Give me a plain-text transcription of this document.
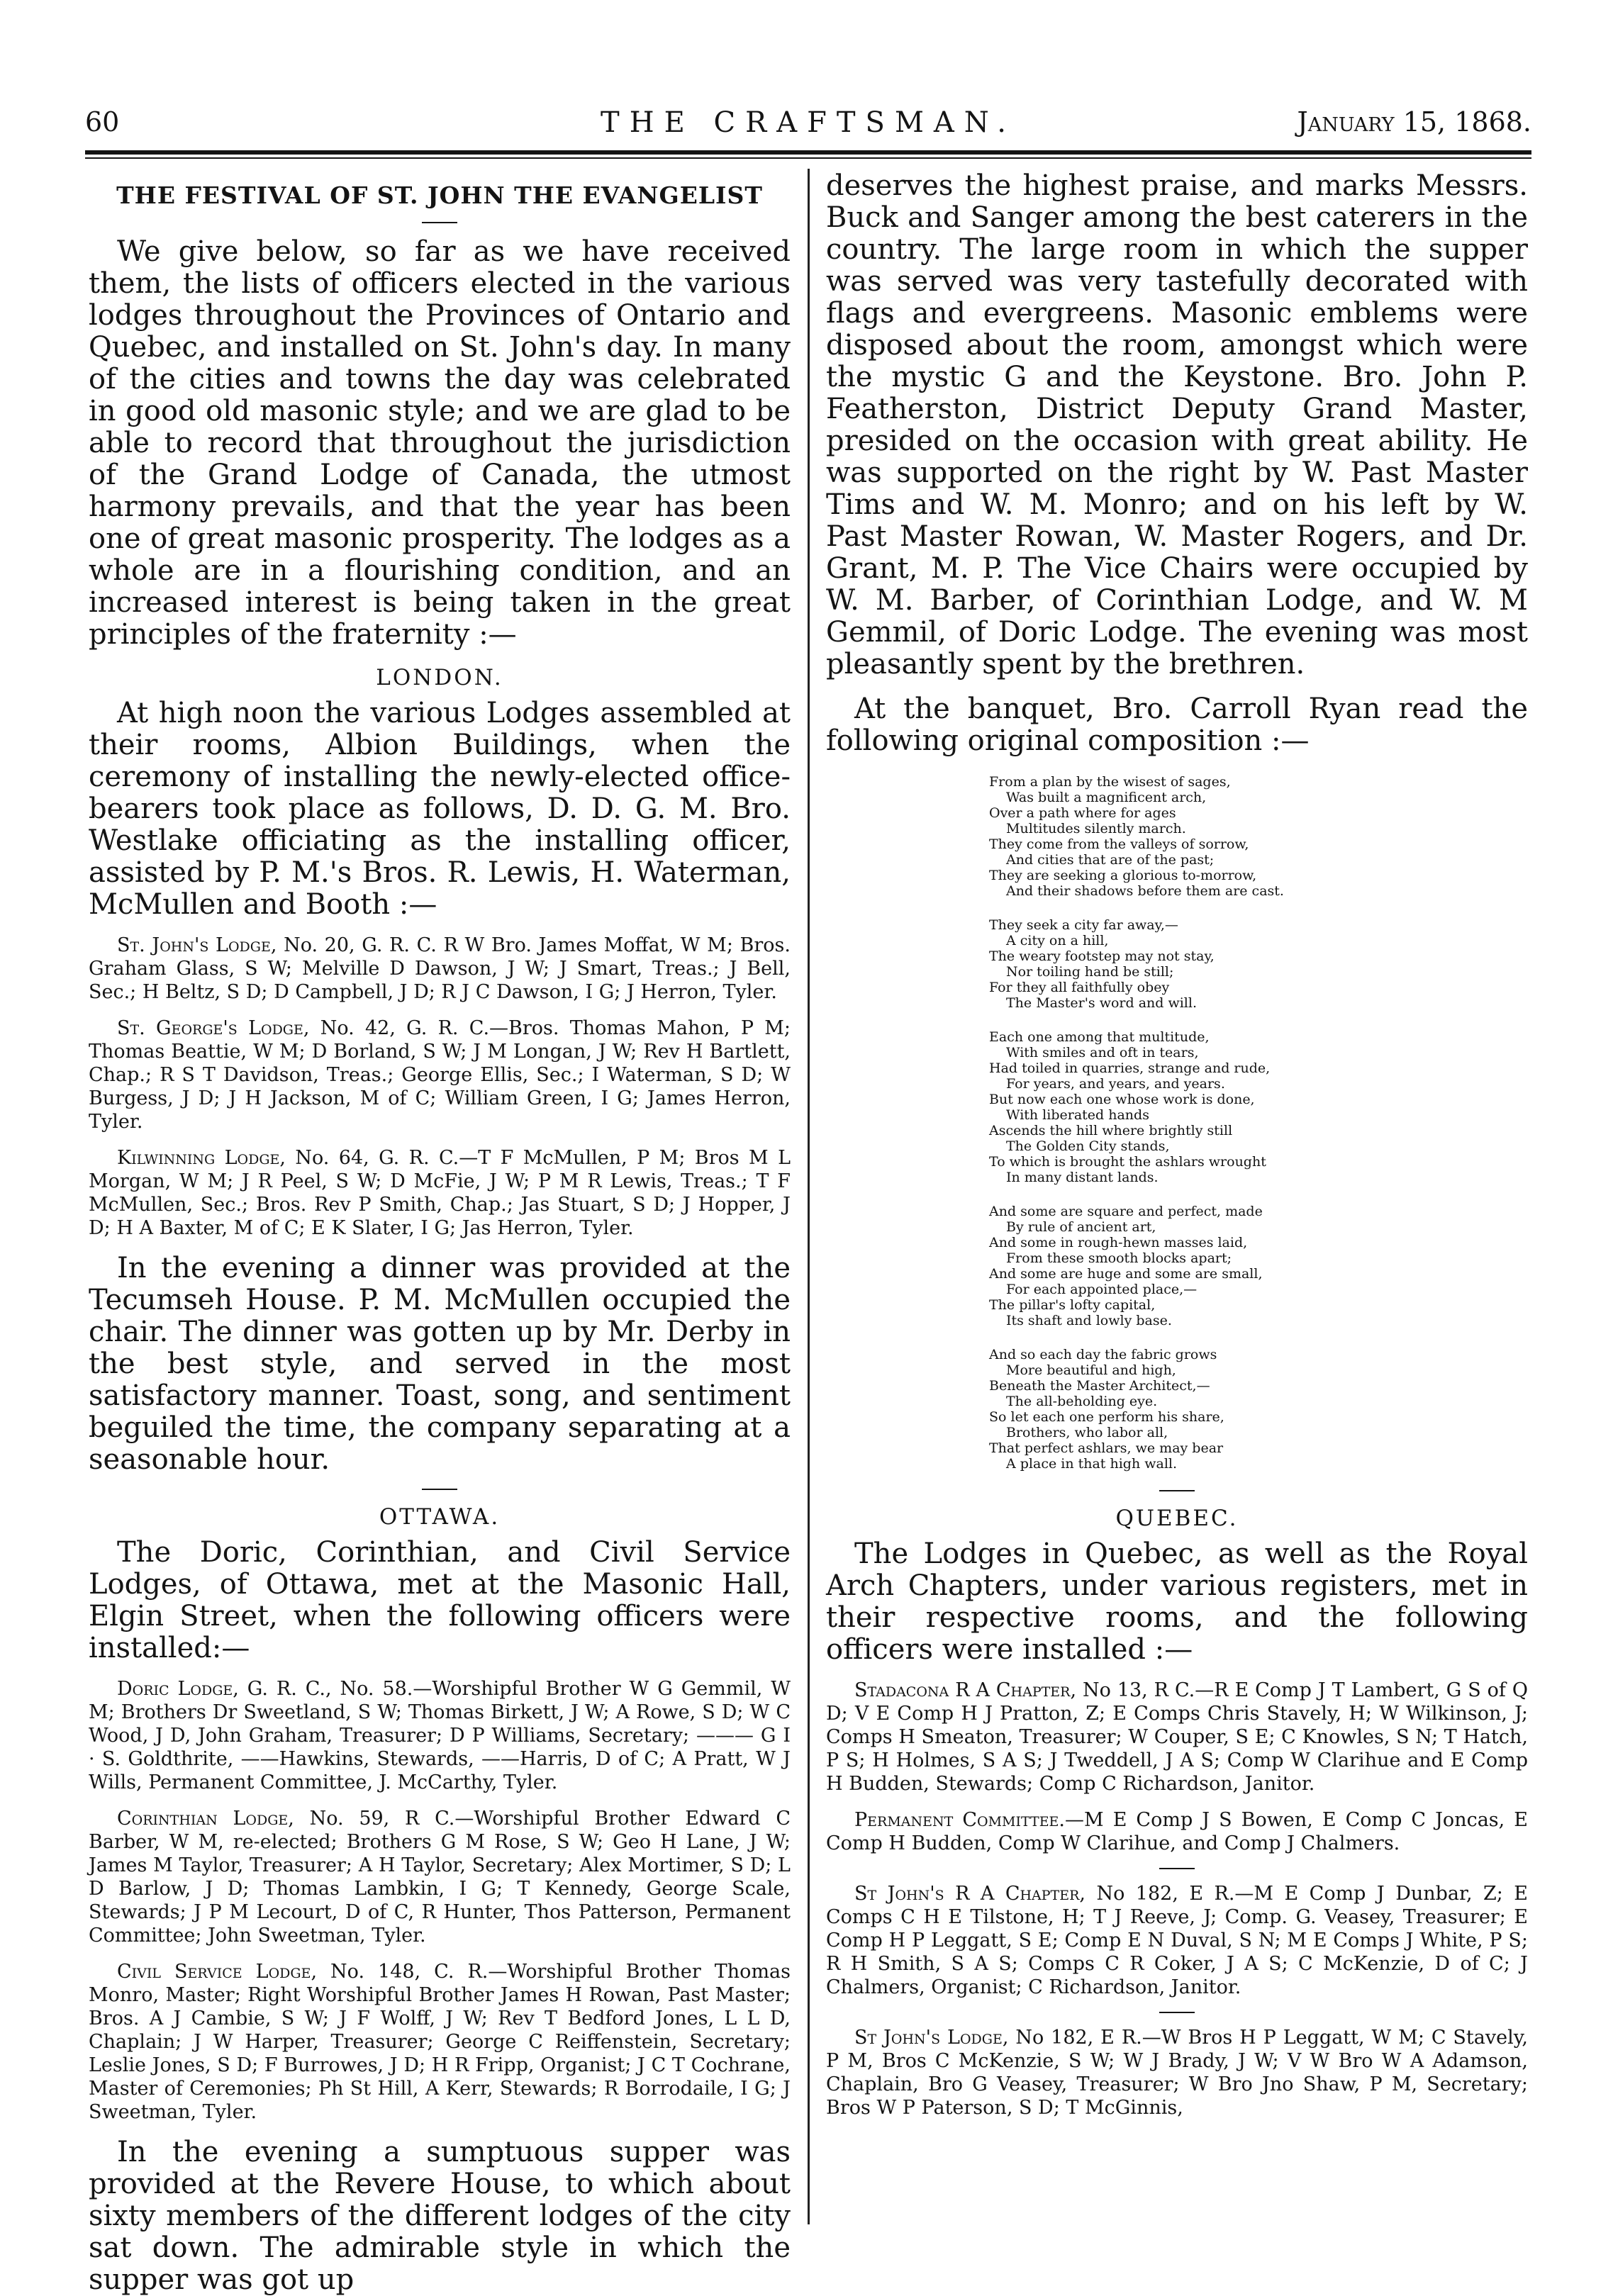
60	THE CRAFTSMAN.	January 15, 1868.
THE FESTIVAL OF ST. JOHN THE EVANGELIST

We give below, so far as we have received them, the lists of officers elected in the various lodges throughout the Provinces of Ontario and Quebec, and installed on St. John's day. In many of the cities and towns the day was celebrated in good old masonic style; and we are glad to be able to record that throughout the jurisdiction of the Grand Lodge of Canada, the utmost harmony prevails, and that the year has been one of great masonic prosperity. The lodges as a whole are in a flourishing condition, and an increased interest is being taken in the great principles of the fraternity :—

LONDON.

At high noon the various Lodges assembled at their rooms, Albion Buildings, when the ceremony of installing the newly-elected office-bearers took place as follows, D. D. G. M. Bro. Westlake officiating as the installing officer, assisted by P. M.'s Bros. R. Lewis, H. Waterman, McMullen and Booth :—

St. John's Lodge, No. 20, G. R. C. R W Bro. James Moffat, W M; Bros. Graham Glass, S W; Melville D Dawson, J W; J Smart, Treas.; J Bell, Sec.; H Beltz, S D; D Campbell, J D; R J C Dawson, I G; J Herron, Tyler.

St. George's Lodge, No. 42, G. R. C.—Bros. Thomas Mahon, P M; Thomas Beattie, W M; D Borland, S W; J M Longan, J W; Rev H Bartlett, Chap.; R S T Davidson, Treas.; George Ellis, Sec.; I Waterman, S D; W Burgess, J D; J H Jackson, M of C; William Green, I G; James Herron, Tyler.

Kilwinning Lodge, No. 64, G. R. C.—T F McMullen, P M; Bros M L Morgan, W M; J R Peel, S W; D McFie, J W; P M R Lewis, Treas.; T F McMullen, Sec.; Bros. Rev P Smith, Chap.; Jas Stuart, S D; J Hopper, J D; H A Baxter, M of C; E K Slater, I G; Jas Herron, Tyler.

In the evening a dinner was provided at the Tecumseh House. P. M. McMullen occupied the chair. The dinner was gotten up by Mr. Derby in the best style, and served in the most satisfactory manner. Toast, song, and sentiment beguiled the time, the company separating at a seasonable hour.

OTTAWA.

The Doric, Corinthian, and Civil Service Lodges, of Ottawa, met at the Masonic Hall, Elgin Street, when the following officers were installed:—

Doric Lodge, G. R. C., No. 58.—Worshipful Brother W G Gemmil, W M; Brothers Dr Sweetland, S W; Thomas Birkett, J W; A Rowe, S D; W C Wood, J D, John Graham, Treasurer; D P Williams, Secretary; ——— G I · S. Goldthrite, ——Hawkins, Stewards, ——Harris, D of C; A Pratt, W J Wills, Permanent Committee, J. McCarthy, Tyler.

Corinthian Lodge, No. 59, R C.—Worshipful Brother Edward C Barber, W M, re-elected; Brothers G M Rose, S W; Geo H Lane, J W; James M Taylor, Treasurer; A H Taylor, Secretary; Alex Mortimer, S D; L D Barlow, J D; Thomas Lambkin, I G; T Kennedy, George Scale, Stewards; J P M Lecourt, D of C, R Hunter, Thos Patterson, Permanent Committee; John Sweetman, Tyler.

Civil Service Lodge, No. 148, C. R.—Worshipful Brother Thomas Monro, Master; Right Worshipful Brother James H Rowan, Past Master; Bros. A J Cambie, S W; J F Wolff, J W; Rev T Bedford Jones, L L D, Chaplain; J W Harper, Treasurer; George C Reiffenstein, Secretary; Leslie Jones, S D; F Burrowes, J D; H R Fripp, Organist; J C T Cochrane, Master of Ceremonies; Ph St Hill, A Kerr, Stewards; R Borrodaile, I G; J Sweetman, Tyler.

In the evening a sumptuous supper was provided at the Revere House, to which about sixty members of the different lodges of the city sat down. The admirable style in which the supper was got up

deserves the highest praise, and marks Messrs. Buck and Sanger among the best caterers in the country. The large room in which the supper was served was very tastefully decorated with flags and evergreens. Masonic emblems were disposed about the room, amongst which were the mystic G and the Keystone. Bro. John P. Featherston, District Deputy Grand Master, presided on the occasion with great ability. He was supported on the right by W. Past Master Tims and W. M. Monro; and on his left by W. Past Master Rowan, W. Master Rogers, and Dr. Grant, M. P. The Vice Chairs were occupied by W. M. Barber, of Corinthian Lodge, and W. M Gemmil, of Doric Lodge. The evening was most pleasantly spent by the brethren.

At the banquet, Bro. Carroll Ryan read the following original composition :—

From a plan by the wisest of sages,
Was built a magnificent arch,
Over a path where for ages
Multitudes silently march.
They come from the valleys of sorrow,
And cities that are of the past;
They are seeking a glorious to-morrow,
And their shadows before them are cast.
They seek a city far away,—
A city on a hill,
The weary footstep may not stay,
Nor toiling hand be still;
For they all faithfully obey
The Master's word and will.
Each one among that multitude,
With smiles and oft in tears,
Had toiled in quarries, strange and rude,
For years, and years, and years.
But now each one whose work is done,
With liberated hands
Ascends the hill where brightly still
The Golden City stands,
To which is brought the ashlars wrought
In many distant lands.
And some are square and perfect, made
By rule of ancient art,
And some in rough-hewn masses laid,
From these smooth blocks apart;
And some are huge and some are small,
For each appointed place,—
The pillar's lofty capital,
Its shaft and lowly base.
And so each day the fabric grows
More beautiful and high,
Beneath the Master Architect,—
The all-beholding eye.
So let each one perform his share,
Brothers, who labor all,
That perfect ashlars, we may bear
A place in that high wall.
QUEBEC.

The Lodges in Quebec, as well as the Royal Arch Chapters, under various registers, met in their respective rooms, and the following officers were installed :—

Stadacona R A Chapter, No 13, R C.—R E Comp J T Lambert, G S of Q D; V E Comp H J Pratton, Z; E Comps Chris Stavely, H; W Wilkinson, J; Comps H Smeaton, Treasurer; W Couper, S E; C Knowles, S N; T Hatch, P S; H Holmes, S A S; J Tweddell, J A S; Comp W Clarihue and E Comp H Budden, Stewards; Comp C Richardson, Janitor.

Permanent Committee.—M E Comp J S Bowen, E Comp C Joncas, E Comp H Budden, Comp W Clarihue, and Comp J Chalmers.

St John's R A Chapter, No 182, E R.—M E Comp J Dunbar, Z; E Comps C H E Tilstone, H; T J Reeve, J; Comp. G. Veasey, Treasurer; E Comp H P Leggatt, S E; Comp E N Duval, S N; M E Comps J White, P S; R H Smith, S A S; Comps C R Coker, J A S; C McKenzie, D of C; J Chalmers, Organist; C Richardson, Janitor.

St John's Lodge, No 182, E R.—W Bros H P Leggatt, W M; C Stavely, P M, Bros C McKenzie, S W; W J Brady, J W; V W Bro W A Adamson, Chaplain, Bro G Veasey, Treasurer; W Bro Jno Shaw, P M, Secretary; Bros W P Paterson, S D; T McGinnis,
